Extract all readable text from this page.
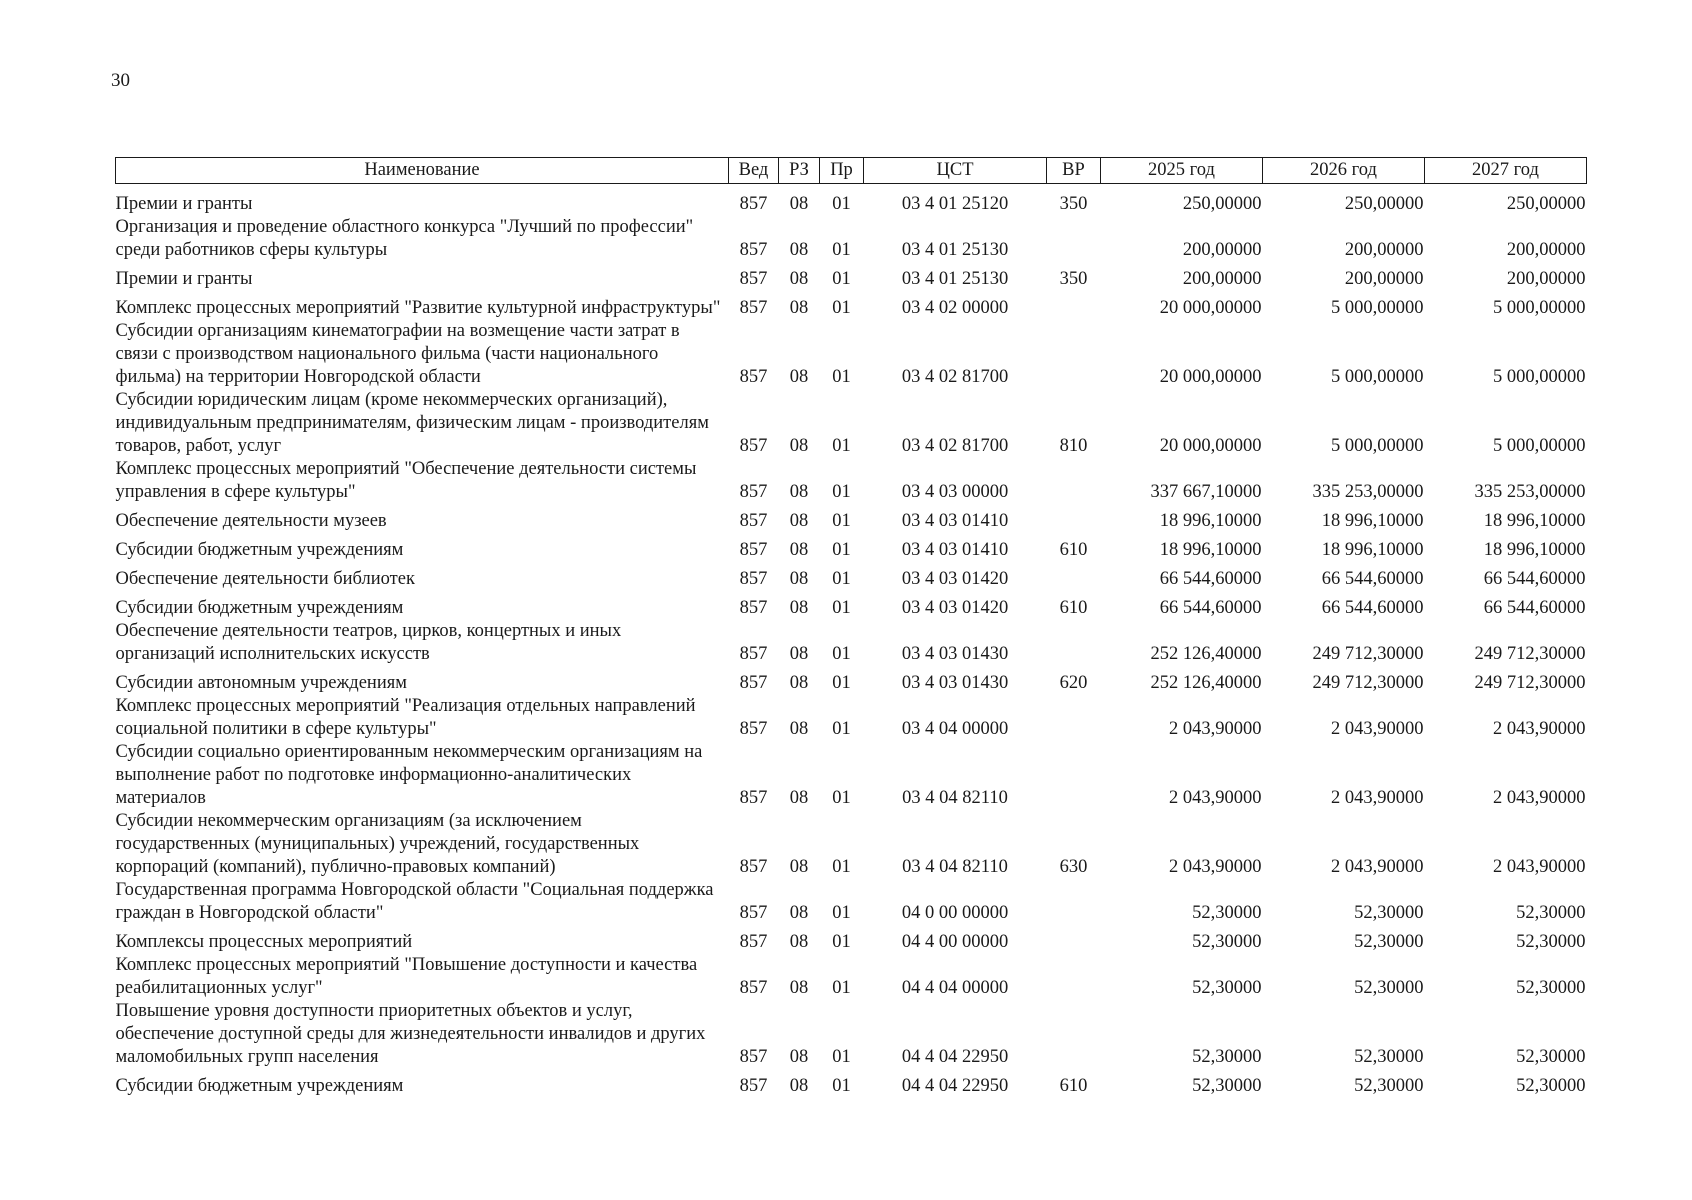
30
Наименование	Вед	РЗ	Пр	ЦСТ	ВР	2025 год	2026 год	2027 год
Премии и гранты	857	08	01	03 4 01 25120	350	250,00000	250,00000	250,00000
Организация и проведение областного конкурса "Лучший по профессии" среди работников сферы культуры	857	08	01	03 4 01 25130		200,00000	200,00000	200,00000
Премии и гранты	857	08	01	03 4 01 25130	350	200,00000	200,00000	200,00000
Комплекс процессных мероприятий "Развитие культурной инфраструктуры"	857	08	01	03 4 02 00000		20 000,00000	5 000,00000	5 000,00000
Субсидии организациям кинематографии на возмещение части затрат в связи с производством национального фильма (части национального фильма) на территории Новгородской области	857	08	01	03 4 02 81700		20 000,00000	5 000,00000	5 000,00000
Субсидии юридическим лицам (кроме некоммерческих организаций), индивидуальным предпринимателям, физическим лицам - производителям товаров, работ, услуг	857	08	01	03 4 02 81700	810	20 000,00000	5 000,00000	5 000,00000
Комплекс процессных мероприятий "Обеспечение деятельности системы управления в сфере культуры"	857	08	01	03 4 03 00000		337 667,10000	335 253,00000	335 253,00000
Обеспечение деятельности музеев	857	08	01	03 4 03 01410		18 996,10000	18 996,10000	18 996,10000
Субсидии бюджетным учреждениям	857	08	01	03 4 03 01410	610	18 996,10000	18 996,10000	18 996,10000
Обеспечение деятельности библиотек	857	08	01	03 4 03 01420		66 544,60000	66 544,60000	66 544,60000
Субсидии бюджетным учреждениям	857	08	01	03 4 03 01420	610	66 544,60000	66 544,60000	66 544,60000
Обеспечение деятельности театров, цирков, концертных и иных организаций исполнительских искусств	857	08	01	03 4 03 01430		252 126,40000	249 712,30000	249 712,30000
Субсидии автономным учреждениям	857	08	01	03 4 03 01430	620	252 126,40000	249 712,30000	249 712,30000
Комплекс процессных мероприятий "Реализация отдельных направлений социальной политики в сфере культуры"	857	08	01	03 4 04 00000		2 043,90000	2 043,90000	2 043,90000
Субсидии социально ориентированным некоммерческим организациям на выполнение работ по подготовке информационно-аналитических материалов	857	08	01	03 4 04 82110		2 043,90000	2 043,90000	2 043,90000
Субсидии некоммерческим организациям (за исключением государственных (муниципальных) учреждений, государственных корпораций (компаний), публично-правовых компаний)	857	08	01	03 4 04 82110	630	2 043,90000	2 043,90000	2 043,90000
Государственная программа Новгородской области "Социальная поддержка граждан в Новгородской области"	857	08	01	04 0 00 00000		52,30000	52,30000	52,30000
Комплексы процессных мероприятий	857	08	01	04 4 00 00000		52,30000	52,30000	52,30000
Комплекс процессных мероприятий "Повышение доступности и качества реабилитационных услуг"	857	08	01	04 4 04 00000		52,30000	52,30000	52,30000
Повышение уровня доступности приоритетных объектов и услуг, обеспечение доступной среды для жизнедеятельности инвалидов и других маломобильных групп населения	857	08	01	04 4 04 22950		52,30000	52,30000	52,30000
Субсидии бюджетным учреждениям	857	08	01	04 4 04 22950	610	52,30000	52,30000	52,30000
